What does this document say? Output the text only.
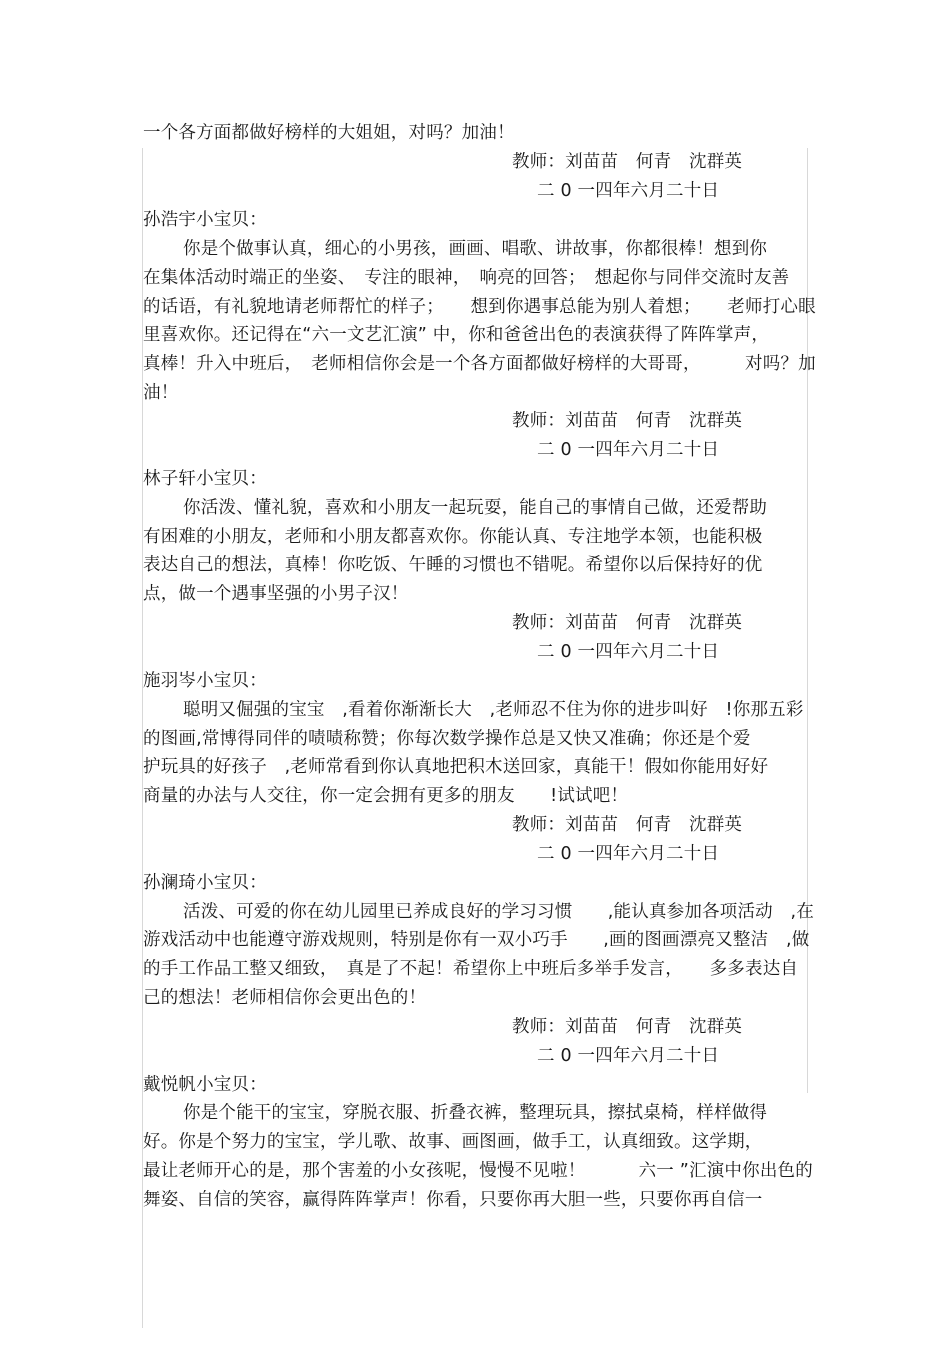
一个各方面都做好榜样的大姐姐，对吗？加油！
教师：刘苗苗　何青　沈群英
二 0 一四年六月二十日
孙浩宇小宝贝：
你是个做事认真，细心的小男孩，画画、唱歌、讲故事，你都很棒！想到你
在集体活动时端正的坐姿、　专注的眼神，　响亮的回答；　想起你与同伴交流时友善
的话语，有礼貌地请老师帮忙的样子；　　想到你遇事总能为别人着想；　　老师打心眼
里喜欢你。还记得在“六一文艺汇演” 中，你和爸爸出色的表演获得了阵阵掌声，
真棒！升入中班后，　老师相信你会是一个各方面都做好榜样的大哥哥，　　　对吗？加
油！
教师：刘苗苗　何青　沈群英
二 0 一四年六月二十日
林子轩小宝贝：
你活泼、懂礼貌，喜欢和小朋友一起玩耍，能自己的事情自己做，还爱帮助
有困难的小朋友，老师和小朋友都喜欢你。你能认真、专注地学本领，也能积极
表达自己的想法，真棒！你吃饭、午睡的习惯也不错呢。希望你以后保持好的优
点，做一个遇事坚强的小男子汉！
教师：刘苗苗　何青　沈群英
二 0 一四年六月二十日
施羽岑小宝贝：
聪明又倔强的宝宝　,看着你渐渐长大　,老师忍不住为你的进步叫好　!你那五彩
的图画,常博得同伴的啧啧称赞；你每次数学操作总是又快又准确；你还是个爱
护玩具的好孩子　,老师常看到你认真地把积木送回家，真能干！假如你能用好好
商量的办法与人交往，你一定会拥有更多的朋友　　!试试吧！
教师：刘苗苗　何青　沈群英
二 0 一四年六月二十日
孙澜琦小宝贝：
活泼、可爱的你在幼儿园里已养成良好的学习习惯　　,能认真参加各项活动　,在
游戏活动中也能遵守游戏规则，特别是你有一双小巧手　　,画的图画漂亮又整洁　,做
的手工作品工整又细致，　真是了不起！希望你上中班后多举手发言，　　多多表达自
己的想法！老师相信你会更出色的！
教师：刘苗苗　何青　沈群英
二 0 一四年六月二十日
戴悦帆小宝贝：
你是个能干的宝宝，穿脱衣服、折叠衣裤，整理玩具，擦拭桌椅，样样做得
好。你是个努力的宝宝，学儿歌、故事、画图画，做手工，认真细致。这学期，
最让老师开心的是，那个害羞的小女孩呢，慢慢不见啦！　　　六一 ”汇演中你出色的
舞姿、自信的笑容，赢得阵阵掌声！你看，只要你再大胆一些，只要你再自信一
